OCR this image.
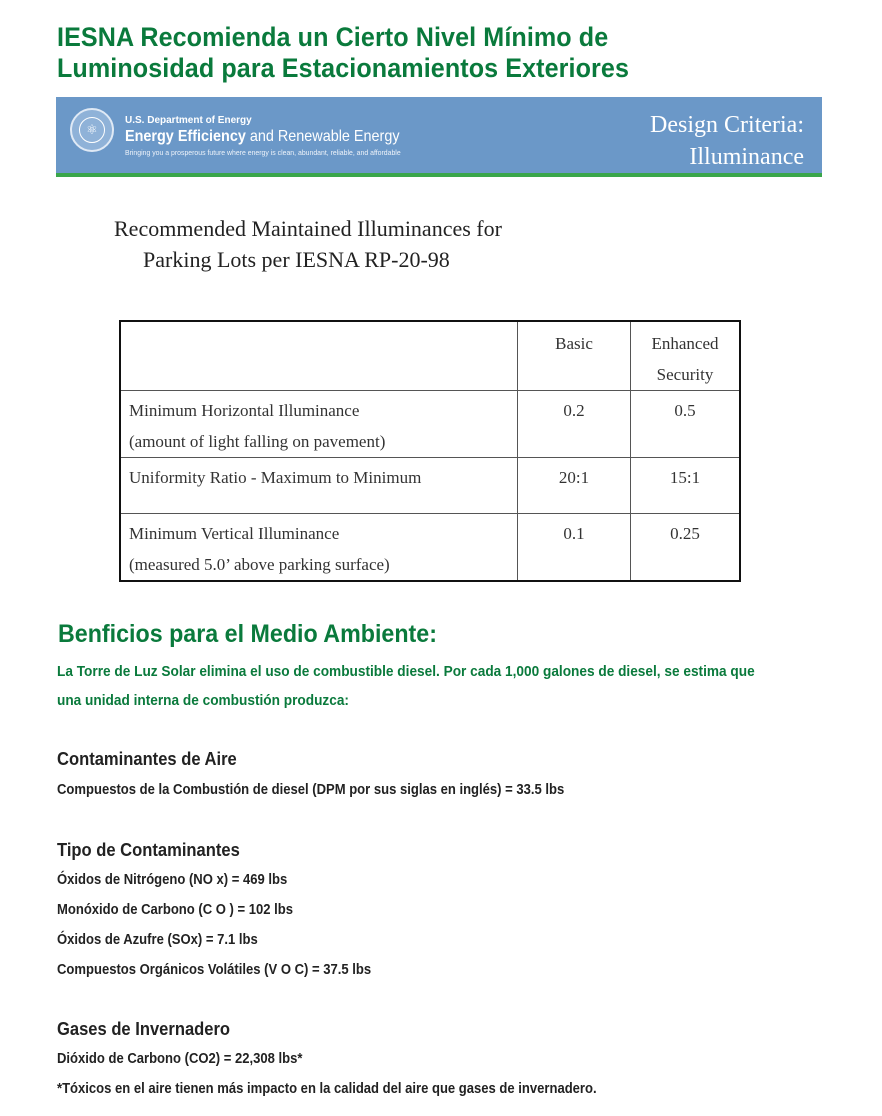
IESNA Recomienda un Cierto Nivel Mínimo de
Luminosidad para Estacionamientos Exteriores
⚛
U.S. Department of Energy
Energy Efficiency and Renewable Energy
Bringing you a prosperous future where energy is clean, abundant, reliable, and affordable
Design Criteria:
Illuminance
Recommended Maintained Illuminances for
Parking Lots per IESNA RP-20-98
	Basic	Enhanced
Security

Minimum Horizontal Illuminance
(amount of light falling on pavement)	0.2	0.5

Uniformity Ratio - Maximum to Minimum	20:1	15:1

Minimum Vertical Illuminance
(measured 5.0’ above parking surface)	0.1	0.25
Benficios para el Medio Ambiente:
La Torre de Luz Solar elimina el uso de combustible diesel. Por cada 1,000 galones de diesel, se estima que
una unidad interna de combustión produzca:
Contaminantes de Aire
Compuestos de la Combustión de diesel (DPM por sus siglas en inglés) = 33.5 lbs
Tipo de Contaminantes
Óxidos de Nitrógeno (NO x) = 469 lbs
Monóxido de Carbono (C O ) = 102 lbs
Óxidos de Azufre (SOx) = 7.1 lbs
Compuestos Orgánicos Volátiles (V O C) = 37.5 lbs
Gases de Invernadero
Dióxido de Carbono (CO2) = 22,308 lbs*
*Tóxicos en el aire tienen más impacto en la calidad del aire que gases de invernadero.
